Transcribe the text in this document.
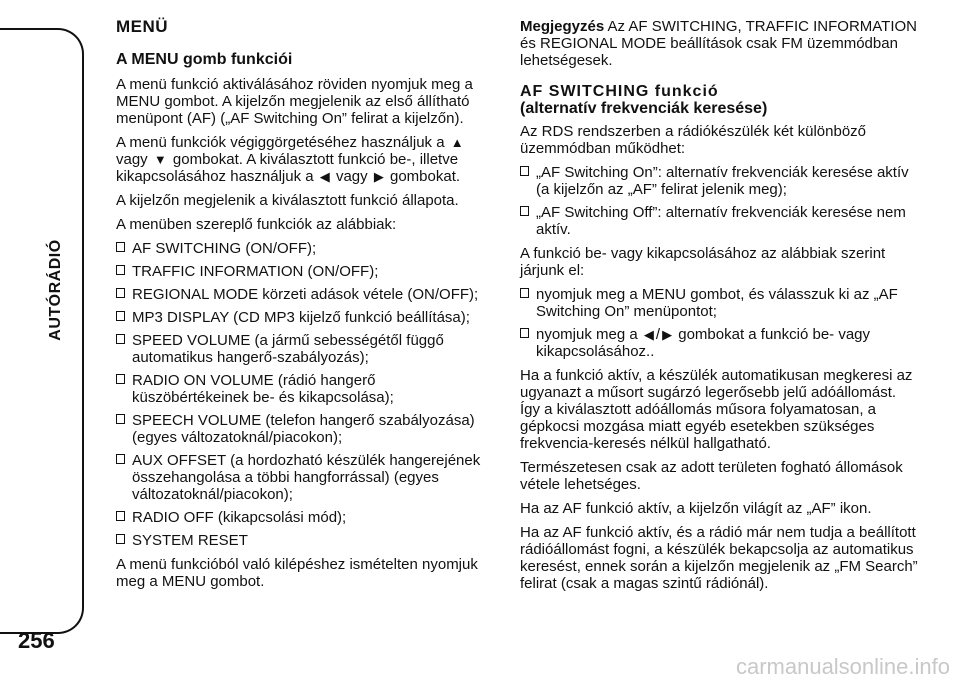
AUTÓRÁDIÓ
256
MENÜ
A MENU gomb funkciói

A menü funkció aktiválásához röviden nyomjuk meg a MENU gombot. A kijelzőn megjelenik az első állítható menüpont (AF) („AF Switching On” felirat a kijelzőn).

A menü funkciók végiggörgetéséhez használjuk a ▲ vagy ▼ gombokat. A kiválasztott funkció be-, illetve kikapcsolásához használjuk a ◀ vagy ▶ gombokat.

A kijelzőn megjelenik a kiválasztott funkció állapota.

A menüben szereplő funkciók az alábbiak:

AF SWITCHING (ON/OFF);
TRAFFIC INFORMATION (ON/OFF);
REGIONAL MODE körzeti adások vétele (ON/OFF);
MP3 DISPLAY (CD MP3 kijelző funkció beállítása);
SPEED VOLUME (a jármű sebességétől függő automatikus hangerő-szabályozás);
RADIO ON VOLUME (rádió hangerő küszöbértékeinek be- és kikapcsolása);
SPEECH VOLUME (telefon hangerő szabályozása) (egyes változatoknál/piacokon);
AUX OFFSET (a hordozható készülék hangerejének összehangolása a többi hangforrással) (egyes változatoknál/piacokon);
RADIO OFF (kikapcsolási mód);
SYSTEM RESET

A menü funkcióból való kilépéshez ismételten nyomjuk meg a MENU gombot.

Megjegyzés Az AF SWITCHING, TRAFFIC INFORMATION és REGIONAL MODE beállítások csak FM üzemmódban lehetségesek.

AF SWITCHING funkció
(alternatív frekvenciák keresése)

Az RDS rendszerben a rádiókészülék két különböző üzemmódban működhet:

„AF Switching On”: alternatív frekvenciák keresése aktív (a kijelzőn az „AF” felirat jelenik meg);
„AF Switching Off”: alternatív frekvenciák keresése nem aktív.

A funkció be- vagy kikapcsolásához az alábbiak szerint járjunk el:

nyomjuk meg a MENU gombot, és válasszuk ki az „AF Switching On” menüpontot;
nyomjuk meg a ◀ / ▶ gombokat a funkció be- vagy kikapcsolásához..

Ha a funkció aktív, a készülék automatikusan megkeresi az ugyanazt a műsort sugárzó legerősebb jelű adóállomást. Így a kiválasztott adóállomás műsora folyamatosan, a gépkocsi mozgása miatt egyéb esetekben szükséges frekvencia-keresés nélkül hallgatható.

Természetesen csak az adott területen fogható állomások vétele lehetséges.

Ha az AF funkció aktív, a kijelzőn világít az „AF” ikon.

Ha az AF funkció aktív, és a rádió már nem tudja a beállított rádióállomást fogni, a készülék bekapcsolja az automatikus keresést, ennek során a kijelzőn megjelenik az „FM Search” felirat (csak a magas szintű rádiónál).

carmanualsonline.info
